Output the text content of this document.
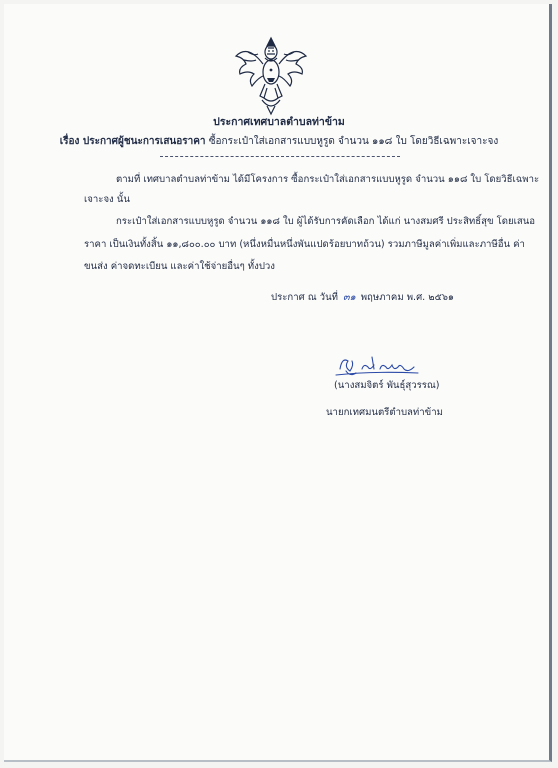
ประกาศเทศบาลตำบลท่าข้าม
เรื่อง ประกาศผู้ชนะการเสนอราคา ซื้อกระเป๋าใส่เอกสารแบบหูรูด จำนวน ๑๑๘ ใบ โดยวิธีเฉพาะเจาะจง
ตามที่ เทศบาลตำบลท่าข้าม ได้มีโครงการ ซื้อกระเป๋าใส่เอกสารแบบหูรูด จำนวน ๑๑๘ ใบ โดยวิธีเฉพาะ
เจาะจง นั้น
กระเป๋าใส่เอกสารแบบหูรูด จำนวน ๑๑๘ ใบ ผู้ได้รับการคัดเลือก ได้แก่ นางสมศรี ประสิทธิ์สุข โดยเสนอ
ราคา เป็นเงินทั้งสิ้น ๑๑,๘๐๐.๐๐ บาท (หนึ่งหมื่นหนึ่งพันแปดร้อยบาทถ้วน) รวมภาษีมูลค่าเพิ่มและภาษีอื่น ค่า
ขนส่ง ค่าจดทะเบียน และค่าใช้จ่ายอื่นๆ ทั้งปวง
ประกาศ ณ วันที่ ๓๑ พฤษภาคม พ.ศ. ๒๕๖๑
(นางสมจิตร์ พันธุ์สุวรรณ)
นายกเทศมนตรีตำบลท่าข้าม
